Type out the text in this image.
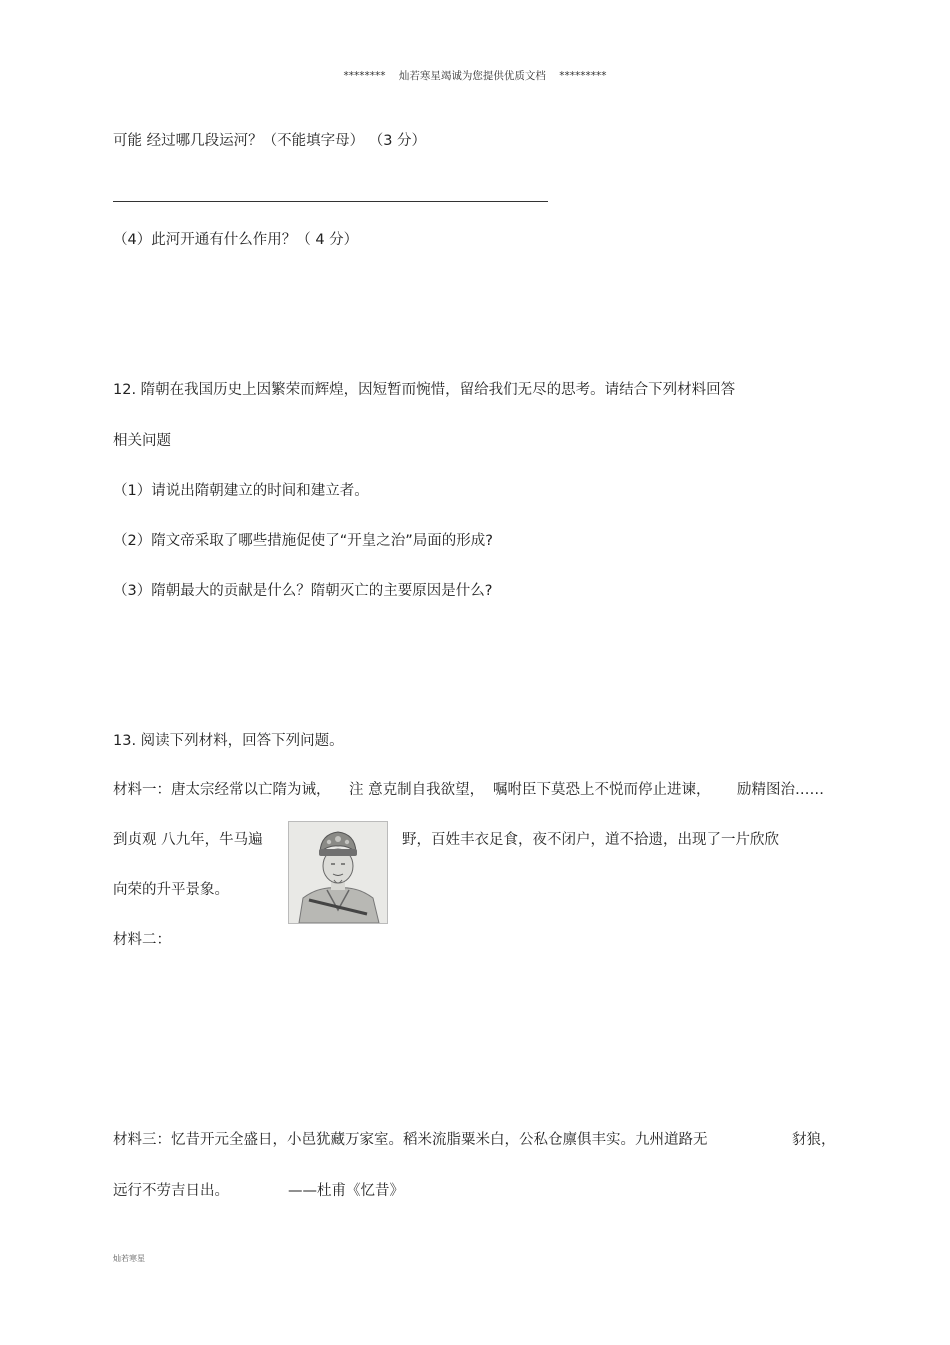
********    灿若寒星竭诚为您提供优质文档    *********
可能 经过哪几段运河？（不能填字母） （3 分）
（4）此河开通有什么作用？（ 4 分）
12. 隋朝在我国历史上因繁荣而辉煌，因短暂而惋惜，留给我们无尽的思考。请结合下列材料回答
相关问题
（1）请说出隋朝建立的时间和建立者。
（2）隋文帝采取了哪些措施促使了“开皇之治”局面的形成?
（3）隋朝最大的贡献是什么？隋朝灭亡的主要原因是什么?
13. 阅读下列材料，回答下列问题。
材料一：唐太宗经常以亡隋为诫， 注 意克制自我欲望， 嘱咐臣下莫恐上不悦而停止进谏， 励精图治……
到贞观 八九年，牛马遍	野，百姓丰衣足食，夜不闭户，道不拾遗，出现了一片欣欣
向荣的升平景象。
材料二：
材料三：忆昔开元全盛日，小邑犹藏万家室。稻米流脂粟米白，公私仓廪俱丰实。九州道路无	豺狼，
远行不劳吉日出。	——杜甫《忆昔》
灿若寒星
